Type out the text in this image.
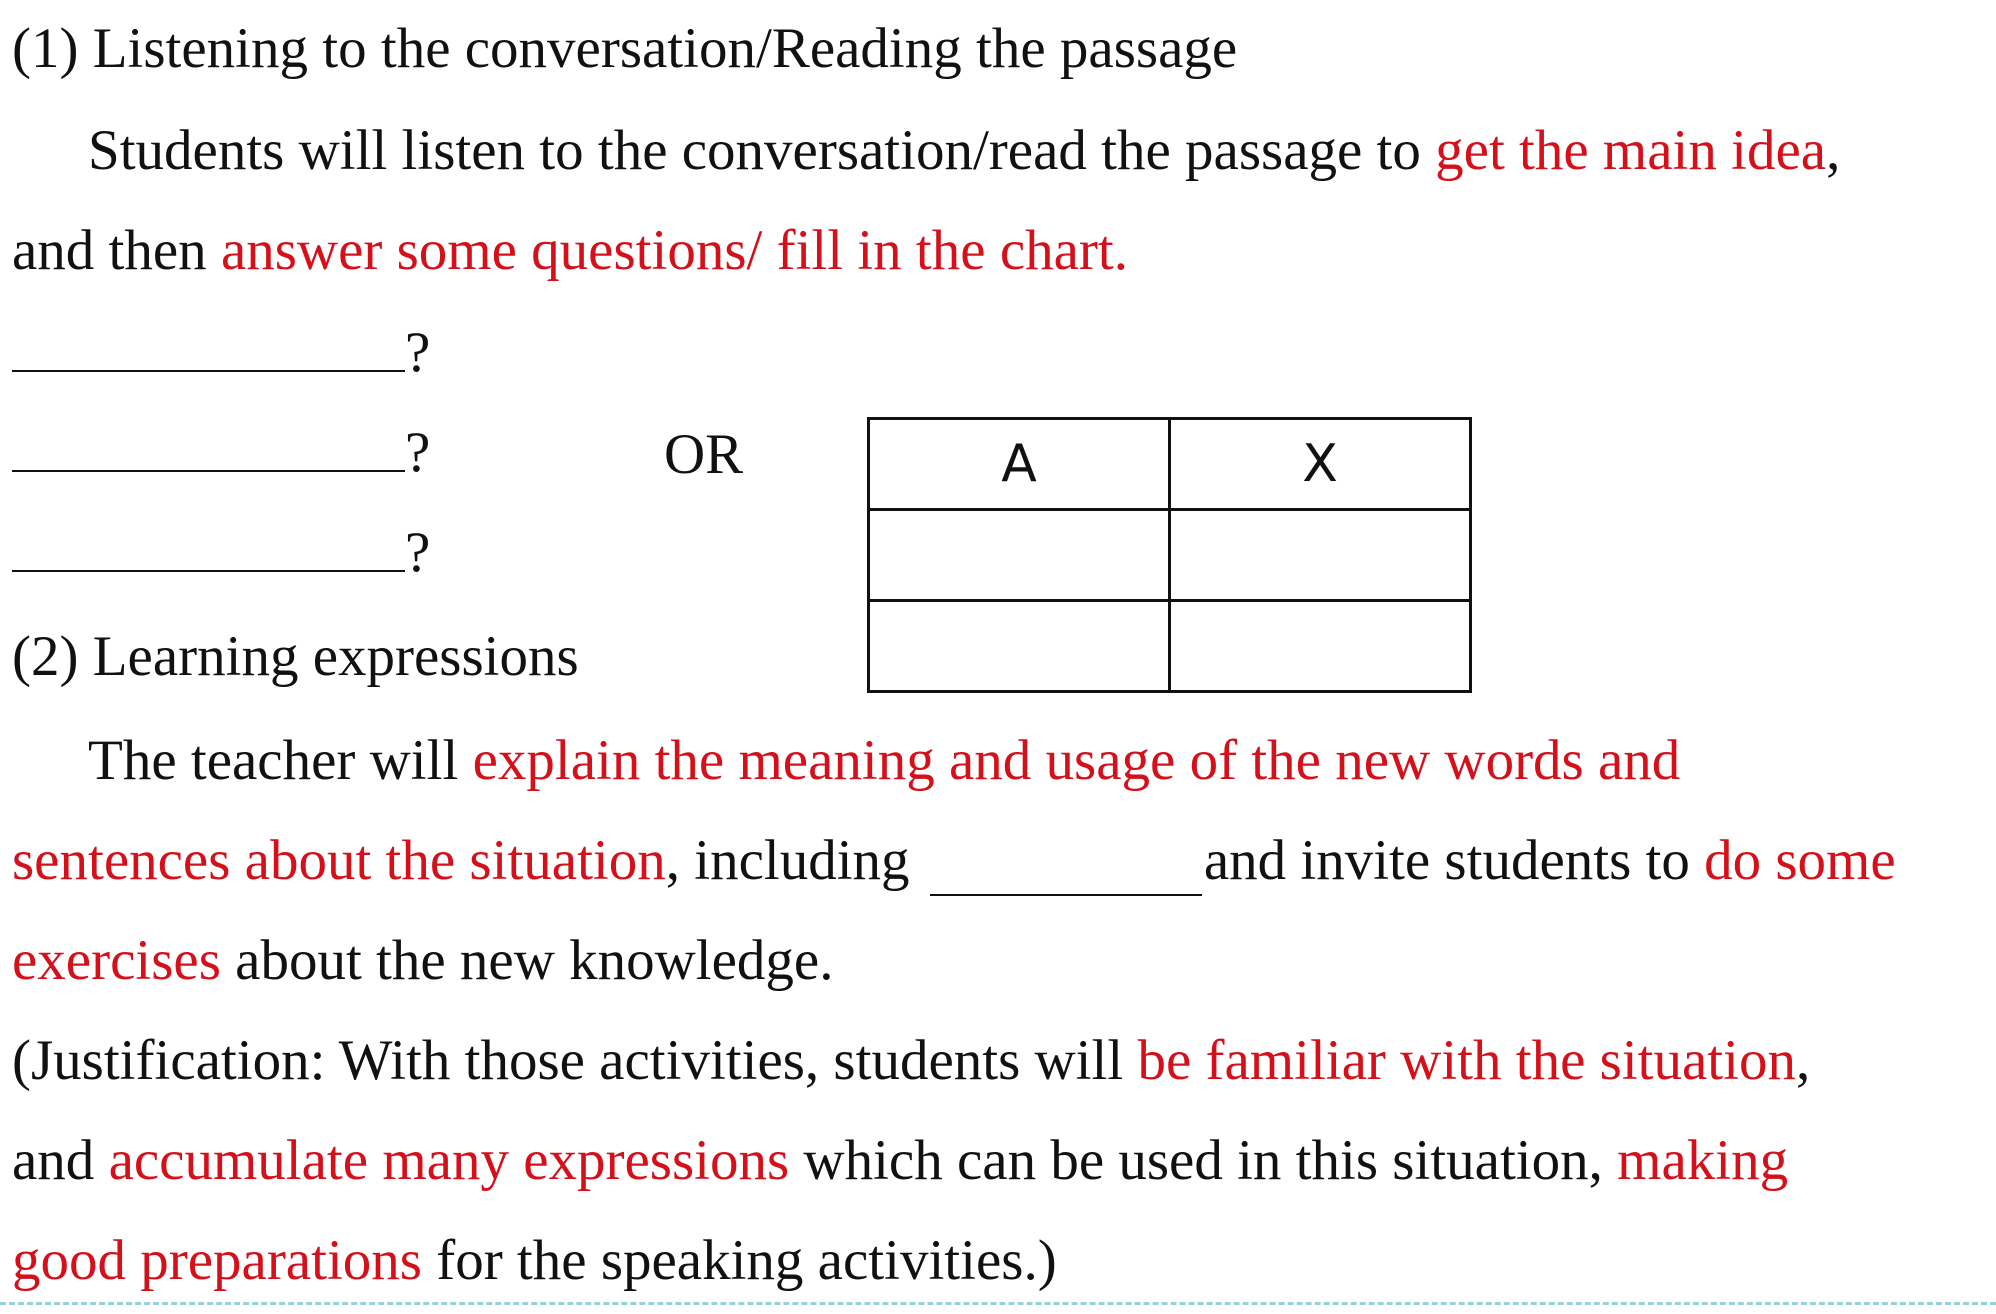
(1) Listening to the conversation/Reading the passage
Students will listen to the conversation/read the passage to get the main idea,
and then answer some questions/ fill in the chart.
?
?
?
OR	A	X

(2) Learning expressions
The teacher will explain the meaning and usage of the new words and
sentences about the situation, including	and invite students to do some
exercises about the new knowledge.
(Justification: With those activities, students will be familiar with the situation,
and accumulate many expressions which can be used in this situation, making
good preparations for the speaking activities.)
